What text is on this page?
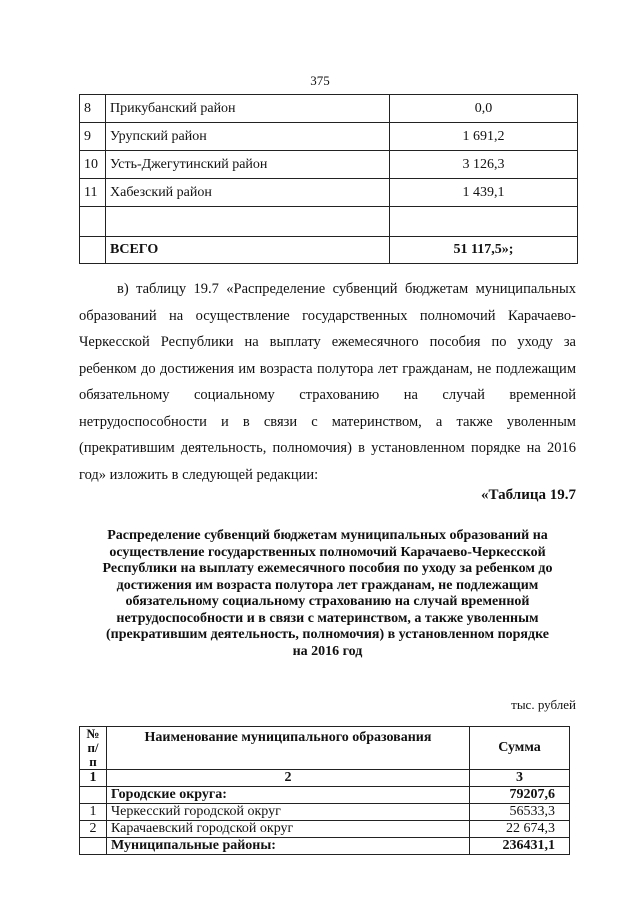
375
8	Прикубанский район	0,0
9	Урупский район	1 691,2
10	Усть-Джегутинский район	3 126,3
11	Хабезский район	1 439,1

	ВСЕГО	51 117,5»;
в) таблицу 19.7 «Распределение субвенций бюджетам муниципальных
образований на осуществление государственных полномочий Карачаево-
Черкесской Республики на выплату ежемесячного пособия по уходу за
ребенком до достижения им возраста полутора лет гражданам, не подлежащим
обязательному социальному страхованию на случай временной
нетрудоспособности и в связи с материнством, а также уволенным
(прекратившим деятельность, полномочия) в установленном порядке на 2016
год» изложить в следующей редакции:
«Таблица 19.7
Распределение субвенций бюджетам муниципальных образований на
осуществление государственных полномочий Карачаево-Черкесской
Республики на выплату ежемесячного пособия по уходу за ребенком до
достижения им возраста полутора лет гражданам, не подлежащим
обязательному социальному страхованию на случай временной
нетрудоспособности и в связи с материнством, а также уволенным
(прекратившим деятельность, полномочия) в установленном порядке
на 2016 год
тыс. рублей
№ п/п	Наименование муниципального образования	Сумма
1	2	3
	Городские округа:	79207,6
1	Черкесский городской округ	56533,3
2	Карачаевский городской округ	22 674,3
	Муниципальные районы:	236431,1
